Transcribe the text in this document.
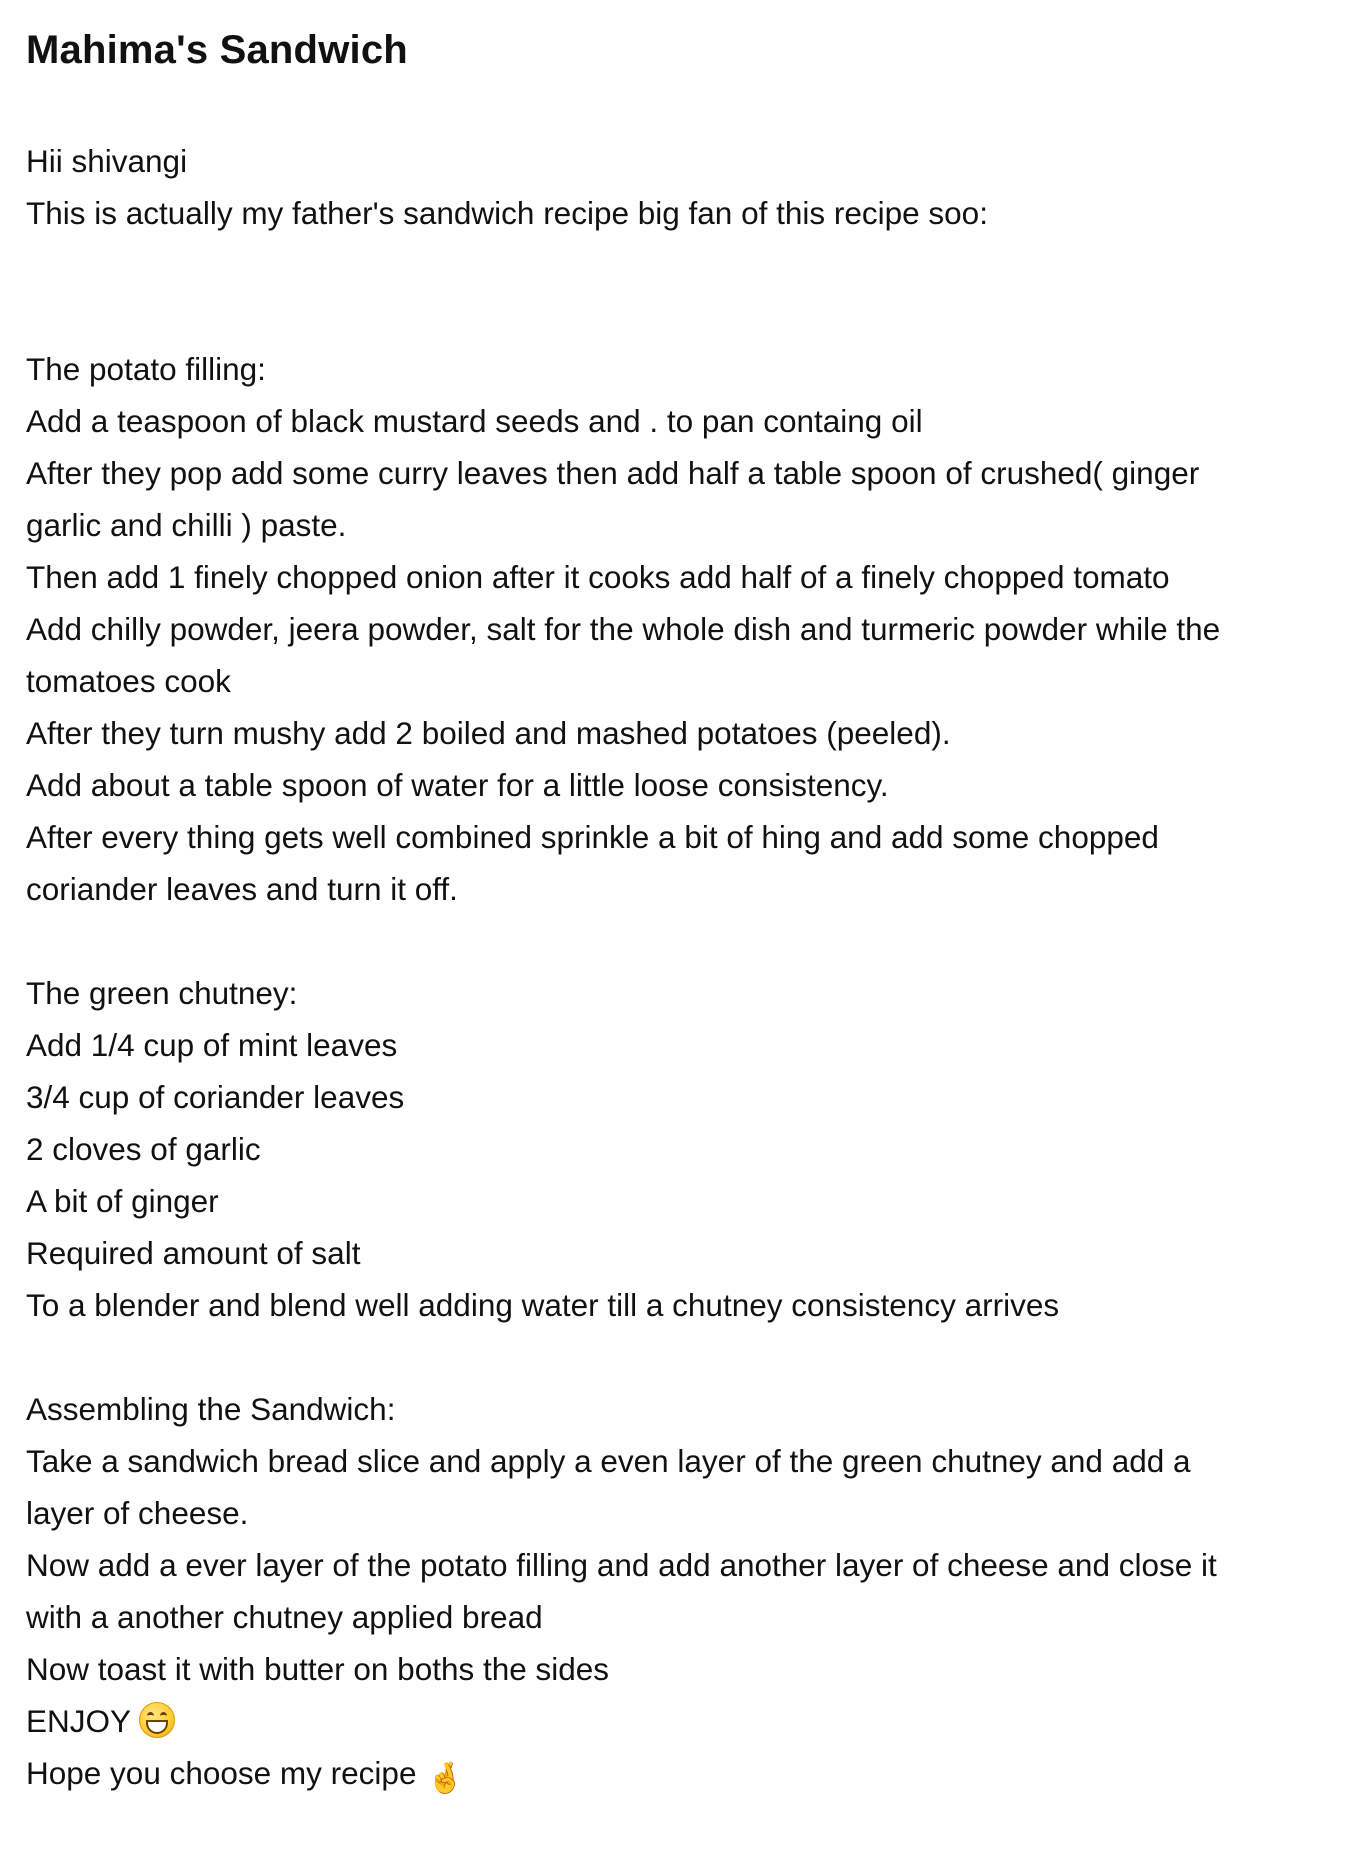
Mahima's Sandwich
Hii shivangi
This is actually my father's sandwich recipe big fan of this recipe soo:
The potato filling:
Add a teaspoon of black mustard seeds and . to pan containg oil
After they pop add some curry leaves then add half a table spoon of crushed( ginger
garlic and chilli ) paste.
Then add 1 finely chopped onion after it cooks add half of a finely chopped tomato
Add chilly powder, jeera powder, salt for the whole dish and turmeric powder while the
tomatoes cook
After they turn mushy add 2 boiled and mashed potatoes (peeled).
Add about a table spoon of water for a little loose consistency.
After every thing gets well combined sprinkle a bit of hing and add some chopped
coriander leaves and turn it off.
The green chutney:
Add 1/4 cup of mint leaves
3/4 cup of coriander leaves
2 cloves of garlic
A bit of ginger
Required amount of salt
To a blender and blend well adding water till a chutney consistency arrives
Assembling the Sandwich:
Take a sandwich bread slice and apply a even layer of the green chutney and add a
layer of cheese.
Now add a ever layer of the potato filling and add another layer of cheese and close it
with a another chutney applied bread
Now toast it with butter on boths the sides
ENJOY
Hope you choose my recipe 🤞
